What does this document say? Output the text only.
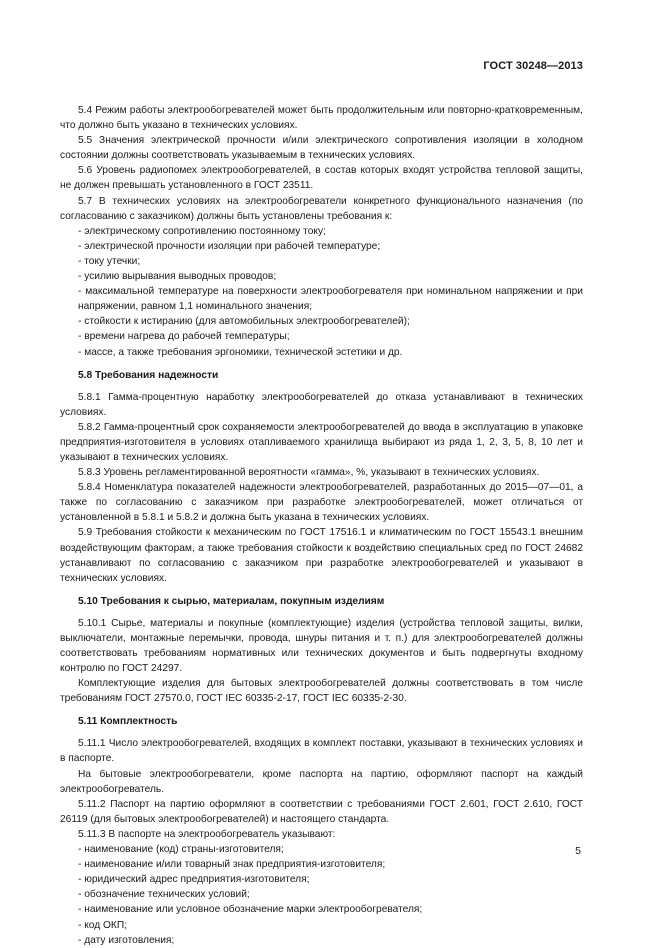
ГОСТ 30248—2013

5.4 Режим работы электрообогревателей может быть продолжительным или повторно-кратковременным, что должно быть указано в технических условиях.

5.5 Значения электрической прочности и/или электрического сопротивления изоляции в холодном состоянии должны соответствовать указываемым в технических условиях.

5.6 Уровень радиопомех электрообогревателей, в состав которых входят устройства тепловой защиты, не должен превышать установленного в ГОСТ 23511.

5.7 В технических условиях на электрообогреватели конкретного функционального назначения (по согласованию с заказчиком) должны быть установлены требования к:

- электрическому сопротивлению постоянному току;

- электрической прочности изоляции при рабочей температуре;

- току утечки;

- усилию вырывания выводных проводов;

- максимальной температуре на поверхности электрообогревателя при номинальном напряжении и при напряжении, равном 1,1 номинального значения;

- стойкости к истиранию (для автомобильных электрообогревателей);

- времени нагрева до рабочей температуры;

- массе, а также требования эргономики, технической эстетики и др.

5.8 Требования надежности

5.8.1 Гамма-процентную наработку электрообогревателей до отказа устанавливают в технических условиях.

5.8.2 Гамма-процентный срок сохраняемости электрообогревателей до ввода в эксплуатацию в упаковке предприятия-изготовителя в условиях отапливаемого хранилища выбирают из ряда 1, 2, 3, 5, 8, 10 лет и указывают в технических условиях.

5.8.3 Уровень регламентированной вероятности «гамма», %, указывают в технических условиях.

5.8.4 Номенклатура показателей надежности электрообогревателей, разработанных до 2015—07—01, а также по согласованию с заказчиком при разработке электрообогревателей, может отличаться от установленной в 5.8.1 и 5.8.2 и должна быть указана в технических условиях.

5.9 Требования стойкости к механическим по ГОСТ 17516.1 и климатическим по ГОСТ 15543.1 внешним воздействующим факторам, а также требования стойкости к воздействию специальных сред по ГОСТ 24682 устанавливают по согласованию с заказчиком при разработке электрообогревателей и указывают в технических условиях.

5.10 Требования к сырью, материалам, покупным изделиям

5.10.1 Сырье, материалы и покупные (комплектующие) изделия (устройства тепловой защиты, вилки, выключатели, монтажные перемычки, провода, шнуры питания и т. п.) для электрообогревателей должны соответствовать требованиям нормативных или технических документов и быть подвергнуты входному контролю по ГОСТ 24297.

Комплектующие изделия для бытовых электрообогревателей должны соответствовать в том числе требованиям ГОСТ 27570.0, ГОСТ IEC 60335-2-17, ГОСТ IEC 60335-2-30.

5.11 Комплектность

5.11.1 Число электрообогревателей, входящих в комплект поставки, указывают в технических условиях и в паспорте.

На бытовые электрообогреватели, кроме паспорта на партию, оформляют паспорт на каждый электрообогреватель.

5.11.2 Паспорт на партию оформляют в соответствии с требованиями ГОСТ 2.601, ГОСТ 2.610, ГОСТ 26119 (для бытовых электрообогревателей) и настоящего стандарта.

5.11.3 В паспорте на электрообогреватель указывают:

- наименование (код) страны-изготовителя;

- наименование и/или товарный знак предприятия-изготовителя;

- юридический адрес предприятия-изготовителя;

- обозначение технических условий;

- наименование или условное обозначение марки электрообогревателя;

- код ОКП;

- дату изготовления;

5
